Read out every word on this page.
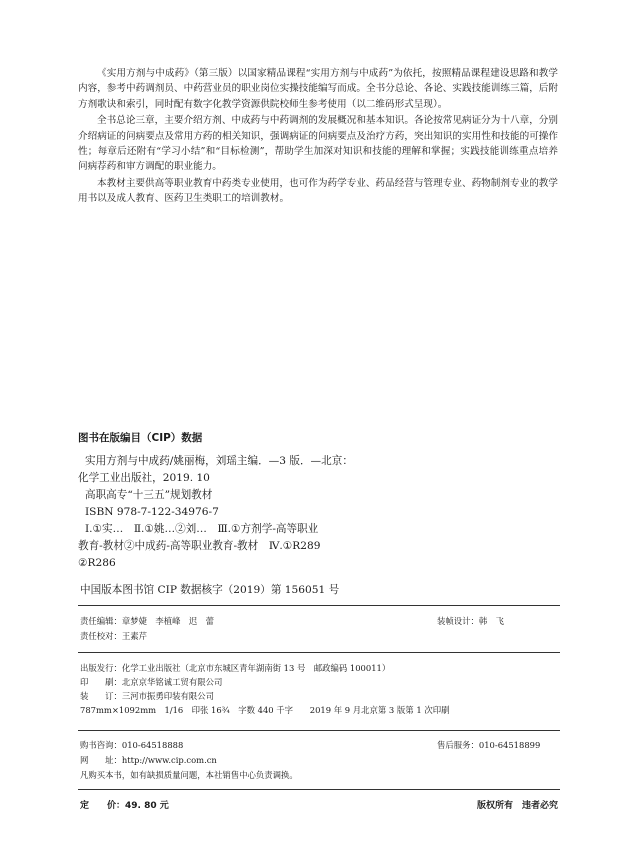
《实用方剂与中成药》（第三版）以国家精品课程“实用方剂与中成药”为依托，按照精品课程建设思路和教学内容，参考中药调剂员、中药营业员的职业岗位实操技能编写而成。全书分总论、各论、实践技能训练三篇，后附方剂歌诀和索引，同时配有数字化教学资源供院校师生参考使用（以二维码形式呈现）。

全书总论三章，主要介绍方剂、中成药与中药调剂的发展概况和基本知识。各论按常见病证分为十八章，分别介绍病证的问病要点及常用方药的相关知识，强调病证的问病要点及治疗方药，突出知识的实用性和技能的可操作性；每章后还附有“学习小结”和“目标检测”，帮助学生加深对知识和技能的理解和掌握；实践技能训练重点培养问病荐药和审方调配的职业能力。

本教材主要供高等职业教育中药类专业使用，也可作为药学专业、药品经营与管理专业、药物制剂专业的教学用书以及成人教育、医药卫生类职工的培训教材。

图书在版编目（CIP）数据
实用方剂与中成药/姚丽梅，刘瑶主编．—3 版．—北京：
化学工业出版社，2019. 10
高职高专“十三五”规划教材
ISBN 978-7-122-34976-7
Ⅰ.①实…　Ⅱ.①姚…②刘…　Ⅲ.①方剂学-高等职业
教育-教材②中成药-高等职业教育-教材　Ⅳ.①R289
②R286
中国版本图书馆 CIP 数据核字（2019）第 156051 号
责任编辑：章梦婕　李植峰　迟　蕾	装帧设计：韩　飞
责任校对：王素芹
出版发行：化学工业出版社（北京市东城区青年湖南街 13 号　邮政编码 100011）
印　　刷：北京京华铭诚工贸有限公司
装　　订：三河市振勇印装有限公司
787mm×1092mm　1/16　印张 16¾　字数 440 千字　　2019 年 9 月北京第 3 版第 1 次印刷
购书咨询：010-64518888	售后服务：010-64518899
网　　址：http://www.cip.com.cn
凡购买本书，如有缺损质量问题，本社销售中心负责调换。
定　　价：49. 80 元	版权所有　违者必究
